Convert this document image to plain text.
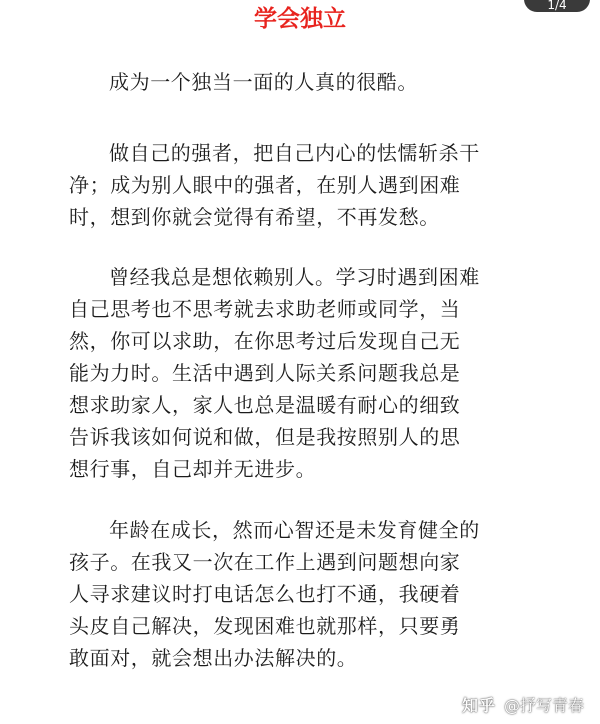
1/4
学会独立
成为一个独当一面的人真的很酷。
做自己的强者，把自己内心的怯懦斩杀干
净；成为别人眼中的强者，在别人遇到困难
时，想到你就会觉得有希望，不再发愁。
曾经我总是想依赖别人。学习时遇到困难
自己思考也不思考就去求助老师或同学，当
然，你可以求助，在你思考过后发现自己无
能为力时。生活中遇到人际关系问题我总是
想求助家人，家人也总是温暖有耐心的细致
告诉我该如何说和做，但是我按照别人的思
想行事，自己却并无进步。
年龄在成长，然而心智还是未发育健全的
孩子。在我又一次在工作上遇到问题想向家
人寻求建议时打电话怎么也打不通，我硬着
头皮自己解决，发现困难也就那样，只要勇
敢面对，就会想出办法解决的。
知乎 @抒写青春
